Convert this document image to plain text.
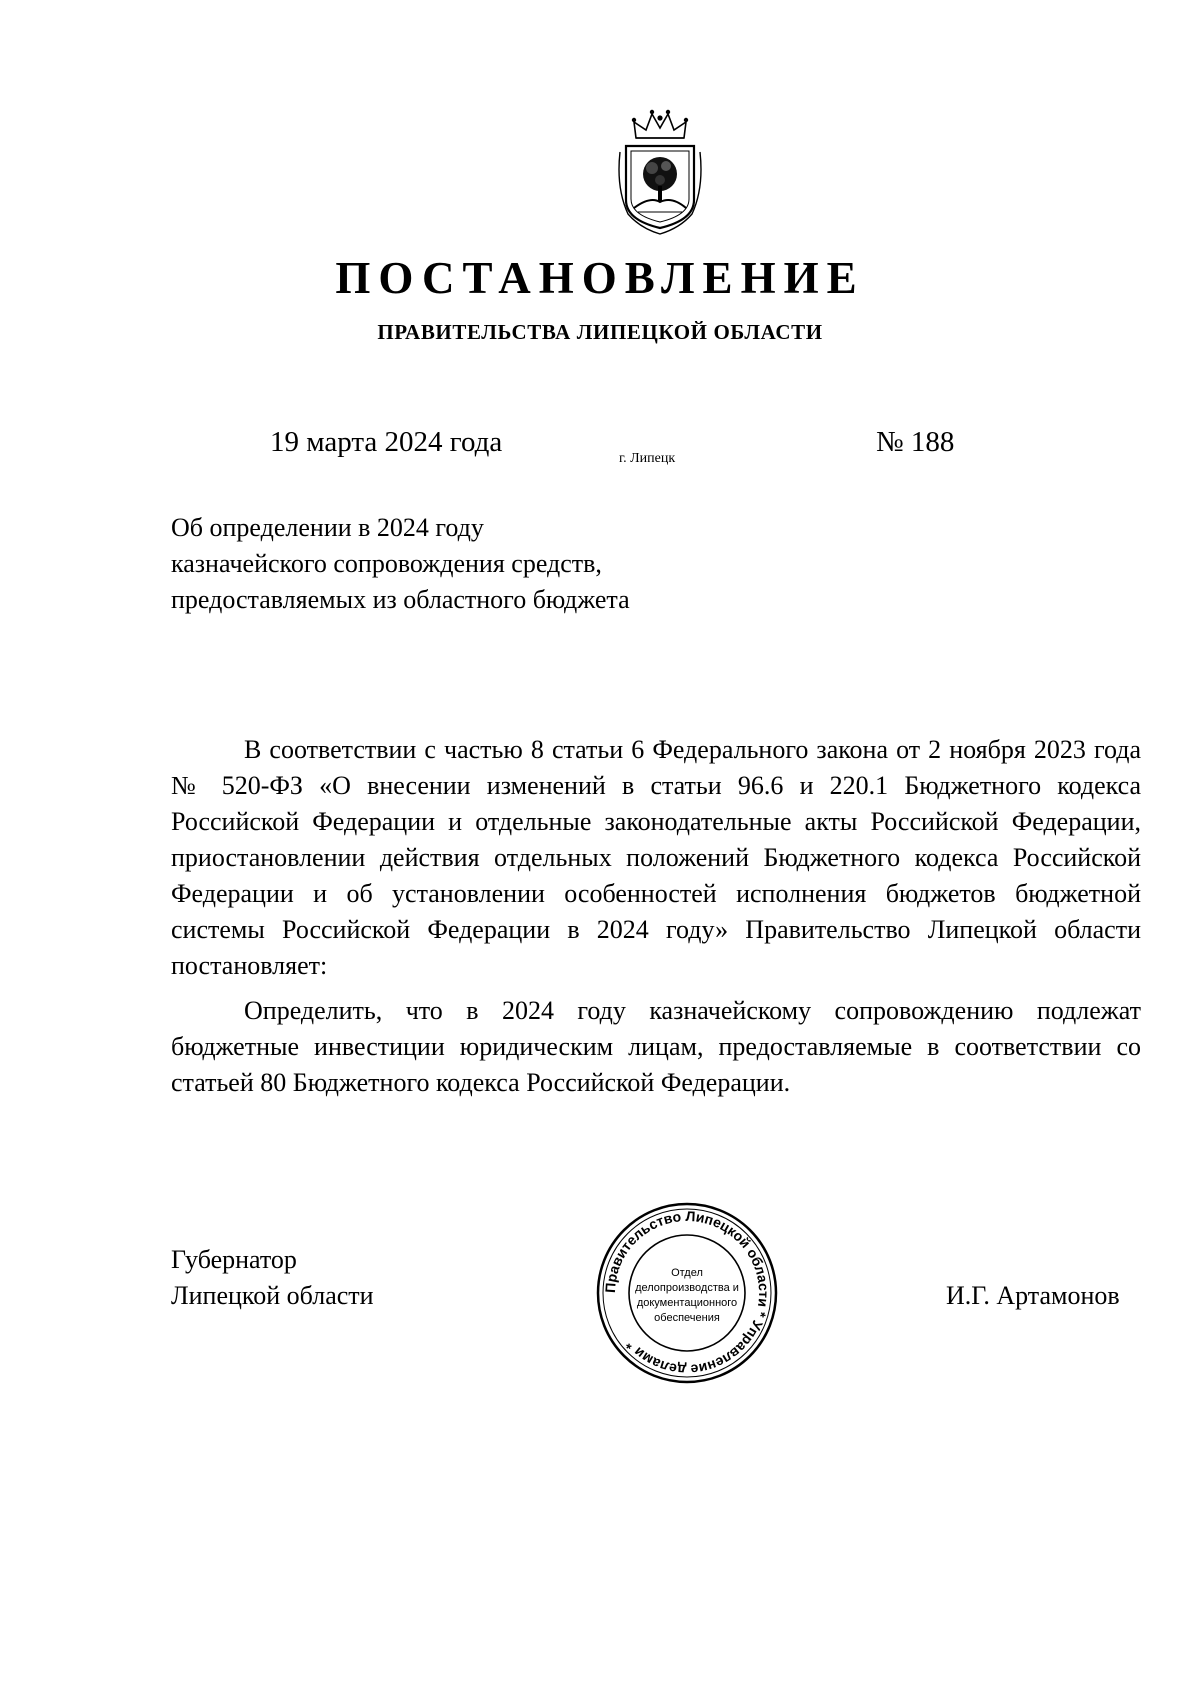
ПОСТАНОВЛЕНИЕ
ПРАВИТЕЛЬСТВА ЛИПЕЦКОЙ ОБЛАСТИ
19 марта 2024 года
г. Липецк
№ 188
Об определении в 2024 году
казначейского сопровождения средств,
предоставляемых из областного бюджета

В соответствии с частью 8 статьи 6 Федерального закона от 2 ноября 2023 года № 520-ФЗ «О внесении изменений в статьи 96.6 и 220.1 Бюджетного кодекса Российской Федерации и отдельные законодательные акты Российской Федерации, приостановлении действия отдельных положений Бюджетного кодекса Российской Федерации и об установлении особенностей исполнения бюджетов бюджетной системы Российской Федерации в 2024 году» Правительство Липецкой области постановляет:

Определить, что в 2024 году казначейскому сопровождению подлежат бюджетные инвестиции юридическим лицам, предоставляемые в соответствии со статьей 80 Бюджетного кодекса Российской Федерации.

Губернатор
Липецкой области	И.Г. Артамонов
Правительство Липецкой области * Управление делами *
Отдел
делопроизводства и
документационного
обеспечения
